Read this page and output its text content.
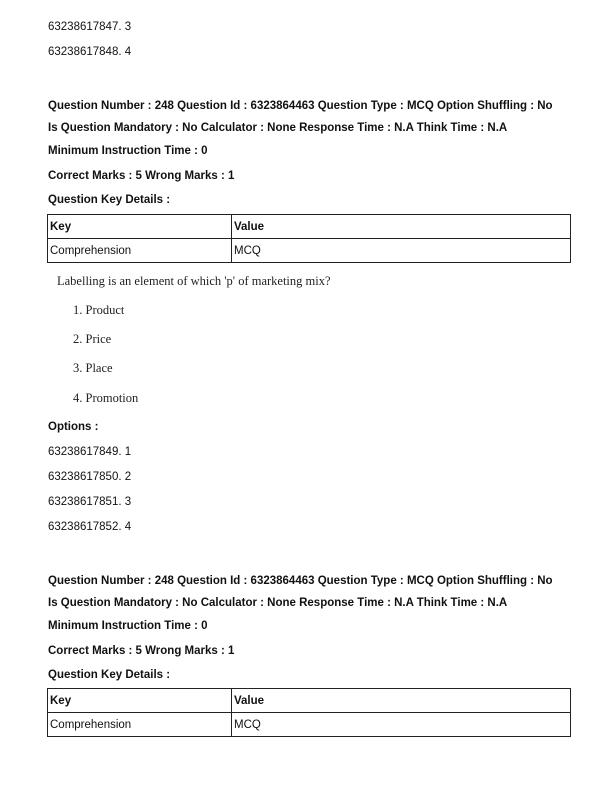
63238617847. 3
63238617848. 4
Question Number : 248 Question Id : 6323864463 Question Type : MCQ Option Shuffling : No
Is Question Mandatory : No Calculator : None Response Time : N.A Think Time : N.A
Minimum Instruction Time : 0
Correct Marks : 5 Wrong Marks : 1
Question Key Details :
Key	Value
Comprehension	MCQ
Labelling is an element of which 'p' of marketing mix?
1. Product
2. Price
3. Place
4. Promotion
Options :
63238617849. 1
63238617850. 2
63238617851. 3
63238617852. 4
Question Number : 248 Question Id : 6323864463 Question Type : MCQ Option Shuffling : No
Is Question Mandatory : No Calculator : None Response Time : N.A Think Time : N.A
Minimum Instruction Time : 0
Correct Marks : 5 Wrong Marks : 1
Question Key Details :
Key	Value
Comprehension	MCQ
